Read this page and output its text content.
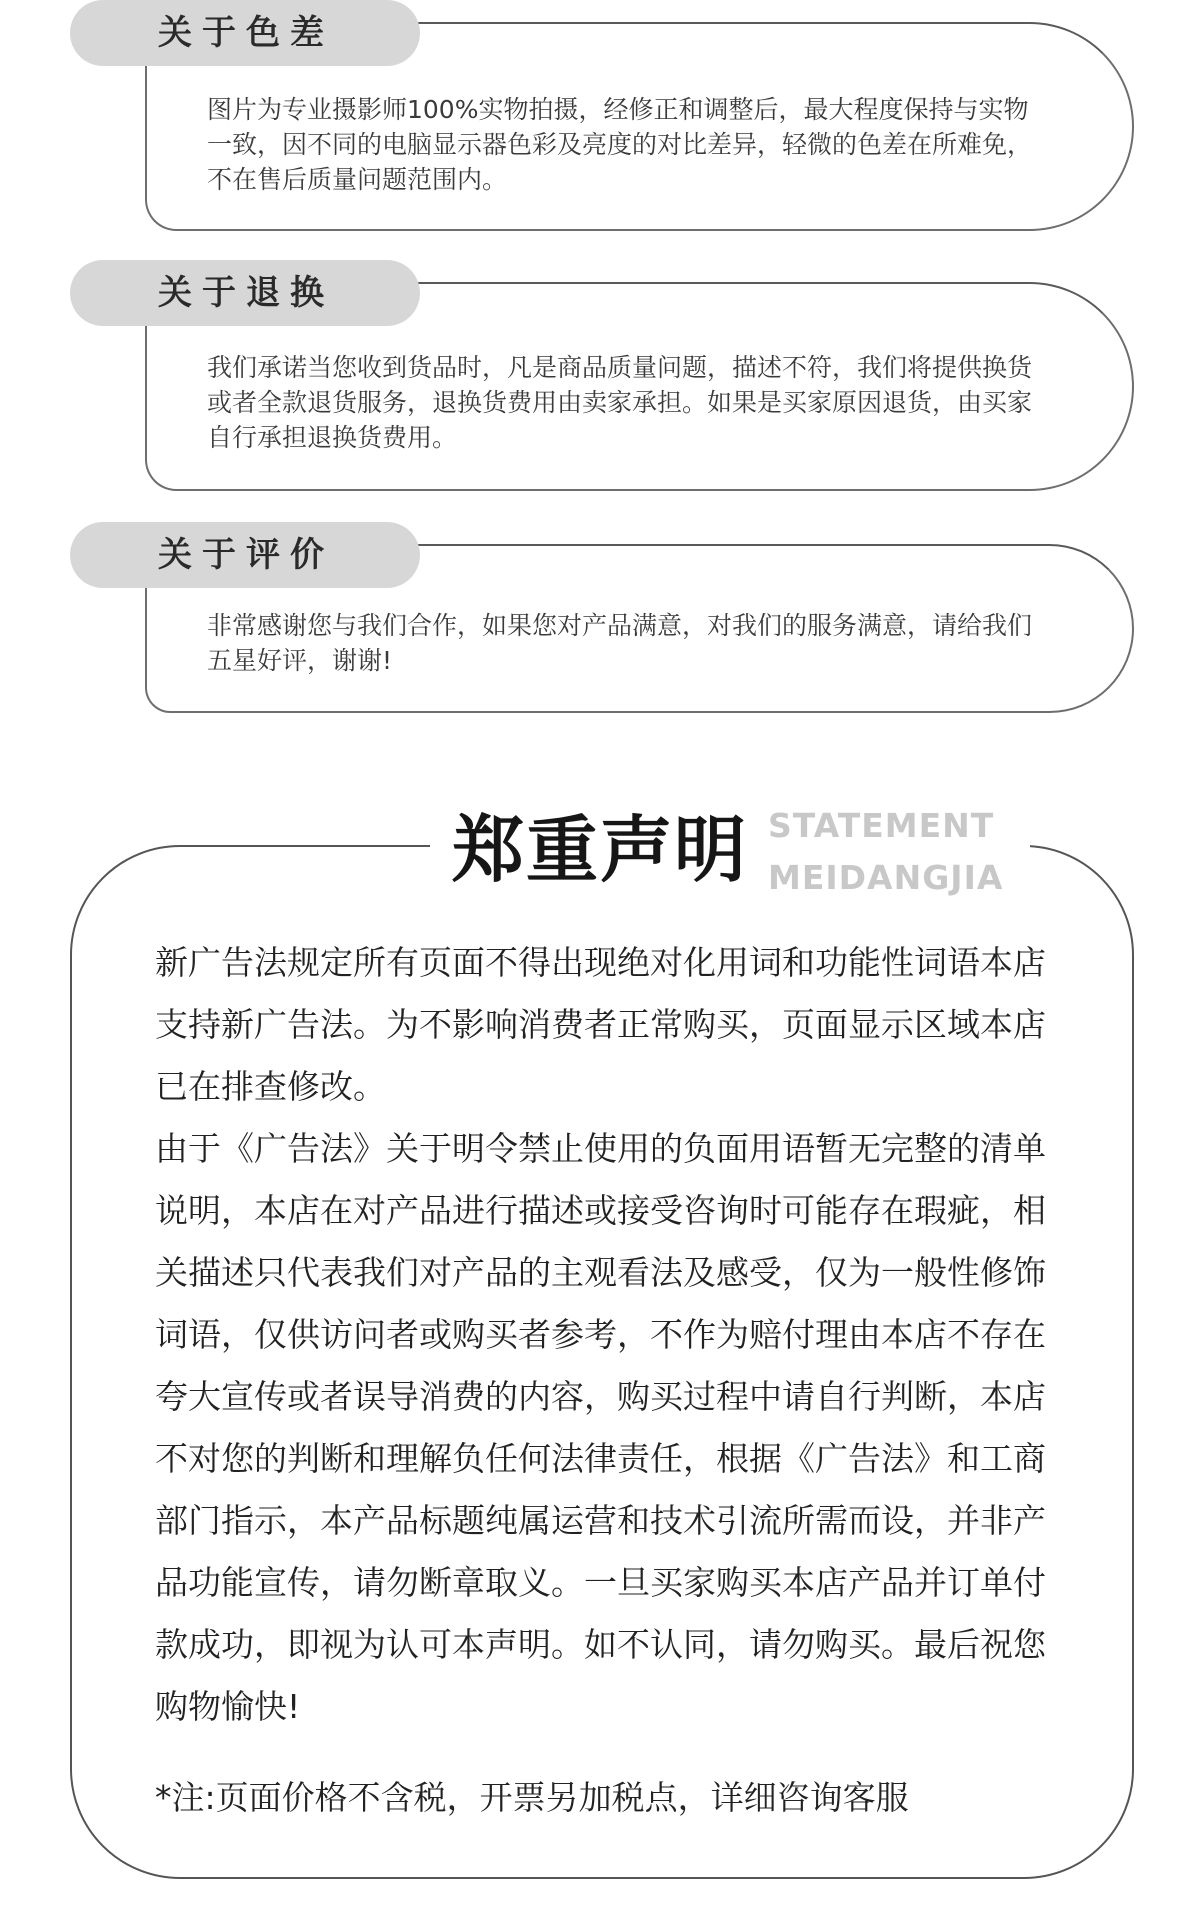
图片为专业摄影师100%实物拍摄，经修正和调整后，最大程度保持与实物一致，因不同的电脑显示器色彩及亮度的对比差异，轻微的色差在所难免，不在售后质量问题范围内。
关于色差
我们承诺当您收到货品时，凡是商品质量问题，描述不符，我们将提供换货或者全款退货服务，退换货费用由卖家承担。如果是买家原因退货，由买家自行承担退换货费用。
关于退换
非常感谢您与我们合作，如果您对产品满意，对我们的服务满意，请给我们五星好评，谢谢!
关于评价
郑重声明 STATEMENT
MEIDANGJIA

新广告法规定所有页面不得出现绝对化用词和功能性词语本店支持新广告法。为不影响消费者正常购买，页面显示区域本店已在排查修改。

由于《广告法》关于明令禁止使用的负面用语暂无完整的清单说明，本店在对产品进行描述或接受咨询时可能存在瑕疵，相关描述只代表我们对产品的主观看法及感受，仅为一般性修饰词语，仅供访问者或购买者参考，不作为赔付理由本店不存在夸大宣传或者误导消费的内容，购买过程中请自行判断，本店不对您的判断和理解负任何法律责任，根据《广告法》和工商部门指示，本产品标题纯属运营和技术引流所需而设，并非产品功能宣传，请勿断章取义。一旦买家购买本店产品并订单付款成功，即视为认可本声明。如不认同，请勿购买。最后祝您购物愉快!

*注:页面价格不含税，开票另加税点，详细咨询客服
